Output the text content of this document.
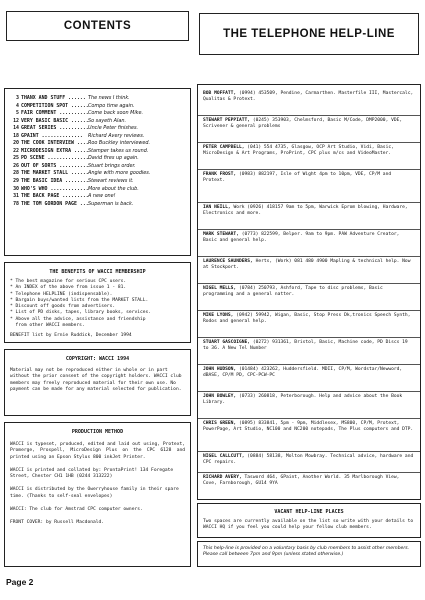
CONTENTS
3 THANX AND STUFF ...... The news I think.
4 COMPETITION SPOT ...... Compo time again.
5 FAIR COMMENT .......... Come back soon Mike.
12 VERY BASIC BASIC ...... So sayeth Alan.
14 GREAT SERIES .......... Uncle Peter finishes.
18 GPAINT ..............	Richard Avery reviews.
20 THE COOK INTERVIEW .... Roo Buckley interviewed.
22 MICRODESIGN EXTRA ..... Stamper takes us round.
25 PD SCENE .............. David fires up again.
26 OUT OF SORTS .......... Stuart brings order.
28 THE MARKET STALL ...... Angie with more goodies.
29 THE BASIC IDEA ........ Stewart reviews it.
30 WHO'S WHO ............. More about the club.
31 THE BACK PAGE ......... A new one!
78 THE TOM GORDON PAGE ... Superman is back.
THE BENEFITS OF WACCI MEMBERSHIP
* The best magazine for serious CPC users.
* An INDEX of the above from issue 1 - 81.
* Telephone HELPLINE (indispensable).
* Bargain buys/wanted lists from the MARKET STALL.
* Discount off goods from advertisers.
* List of PD disks, tapes, library books, services.
* Above all the advice, assistance and friendship
from other WACCI members.
BENEFIT list by Ernie Ruddick, December 1994
COPYRIGHT: WACCI 1994
Material may not be reproduced either in whole or in part without the prior consent of the copyright holders. WACCI club members may freely reproduced material for their own use. No payment can be made for any material selected for publication.
PRODUCTION METHOD
WACCI is typeset, produced, edited and laid out using, Protext, Promerge, Prospell, MicroDesign Plus on the CPC 6128 and printed using an Epson Stylus 800 inkJet Printer.
WACCI is printed and collated by: ProntaPrint! 134 Foregate Street, Chester CH1 1HB (0244 313222)
WACCI is distributed by the Owerryhouse family in their spare time. (Thanks to self-seal envelopes)
WACCI: The club for Amstrad CPC computer owners.
FRONT COVER: by Russell Macdonald.
THE TELEPHONE HELP-LINE
BOB MOFFATT, (0994) 453509, Pendine, Carmarthen. Masterfile III, Mastercalc, Qualitas & Protext.
STEWART PEPPIATT, (0245) 353903, Chelmsford, Basic M/Code, DMP2000, VDE, Scrivener & general problems
PETER CAMPBELL, (041) 554 4735, Glasgow, OCP Art Studio, Vidi, Basic, MicroDesign & Art Programs, ProPrint, CPC plus m/cs and VideoMaster.
FRANK FROST, (0983) 882197, Isle of Wight 4pm to 10pm, VDE, CP/M and Protext.
IAN NEILL, Work (0926) 418157 9am to 5pm, Warwick Eprom blowing, Hardware, Electronics and more.
MARK STEWART, (0773) 822599, Belper. 9am to 9pm. PAW Adventure Creator, Basic and general help.
LAURENCE SAUNDERS, Herts, (Work) 081 480 4900 Mapling & technical help. Now at Stockport.
NIGEL MELLS, (0784) 250793, Ashford, Tape to disc problems, Basic programming and a general natter.
MIKE LYONS, (0942) 59942, Wigan, Basic, Stop Press Dk,tronics Speech Synth, Rodos and general help.
STUART GASCOIGNE, (0272) 931361, Bristol, Basic, Machine code, PD Discs 19 to 36. A New Tel Number
JOHN HUDSON, (01484) 423262, Huddersfield. MDII, CP/M, Wordstar/Newword, dBASE, CP/M PD, CPC-PCW-PC
JOHN BOWLEY, (0733) 260818, Peterborough. Help and advice about the Book Library.
CHRIS GREEN, (0895) 833841, 5pm - 9pm, Middlesex, MS800, CP/M, Protext, PowerPage, Art Studio, NC100 and NC200 notepads, The Plus computers and DTP.
NIGEL CALLCUTT, (0884) 58138, Molton Mowbray. Technical advice, hardware and CPC repairs.
RICHARD AVERY, Tasword 464, GPaint, Another World. 35 Marlborough View, Cove, Farnborough, GU14 9YA
VACANT HELP-LINE PLACES
Two spaces are currently available on the list so write with your details to WACCI HQ if you feel you could help your fellow club members.
This help-line is provided on a voluntary basis by club members to assist other members. Please call between 7pm and 9pm (unless stated otherwise.)
Page 2
